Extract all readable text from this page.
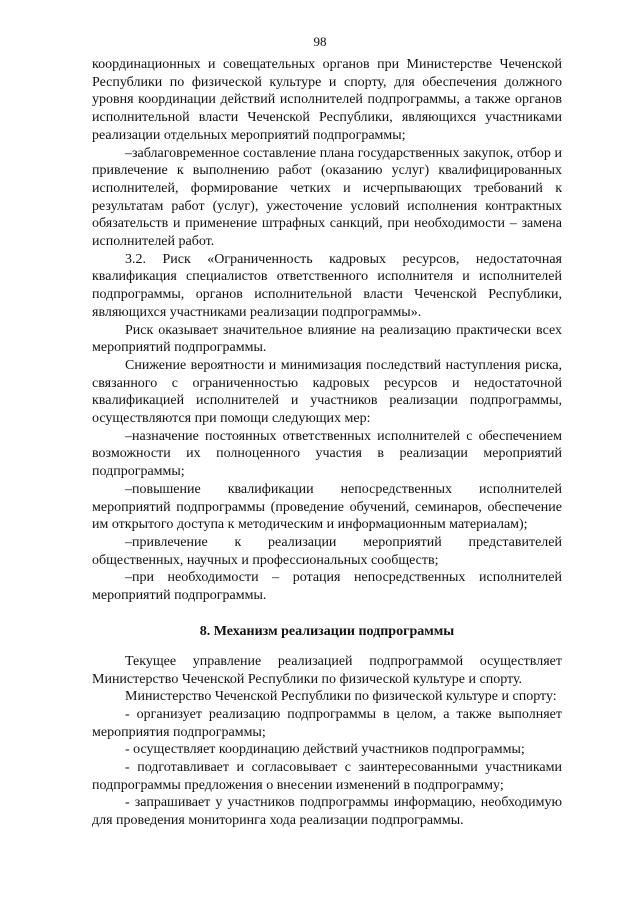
98

координационных и совещательных органов при Министерстве Чеченской Республики по физической культуре и спорту, для обеспечения должного уровня координации действий исполнителей подпрограммы, а также органов исполнительной власти Чеченской Республики, являющихся участниками реализации отдельных мероприятий подпрограммы;

–заблаговременное составление плана государственных закупок, отбор и привлечение к выполнению работ (оказанию услуг) квалифицированных исполнителей, формирование четких и исчерпывающих требований к результатам работ (услуг), ужесточение условий исполнения контрактных обязательств и применение штрафных санкций, при необходимости – замена исполнителей работ.

3.2. Риск «Ограниченность кадровых ресурсов, недостаточная квалификация специалистов ответственного исполнителя и исполнителей подпрограммы, органов исполнительной власти Чеченской Республики, являющихся участниками реализации подпрограммы».

Риск оказывает значительное влияние на реализацию практически всех мероприятий подпрограммы.

Снижение вероятности и минимизация последствий наступления риска, связанного с ограниченностью кадровых ресурсов и недостаточной квалификацией исполнителей и участников реализации подпрограммы, осуществляются при помощи следующих мер:

–назначение постоянных ответственных исполнителей с обеспечением возможности их полноценного участия в реализации мероприятий подпрограммы;

–повышение квалификации непосредственных исполнителей мероприятий подпрограммы (проведение обучений, семинаров, обеспечение им открытого доступа к методическим и информационным материалам);

–привлечение к реализации мероприятий представителей общественных, научных и профессиональных сообществ;

–при необходимости – ротация непосредственных исполнителей мероприятий подпрограммы.

8. Механизм реализации подпрограммы

Текущее управление реализацией подпрограммой осуществляет Министерство Чеченской Республики по физической культуре и спорту.

Министерство Чеченской Республики по физической культуре и спорту:

- организует реализацию подпрограммы в целом, а также выполняет мероприятия подпрограммы;

- осуществляет координацию действий участников подпрограммы;

- подготавливает и согласовывает с заинтересованными участниками подпрограммы предложения о внесении изменений в подпрограмму;

- запрашивает у участников подпрограммы информацию, необходимую для проведения мониторинга хода реализации подпрограммы.
